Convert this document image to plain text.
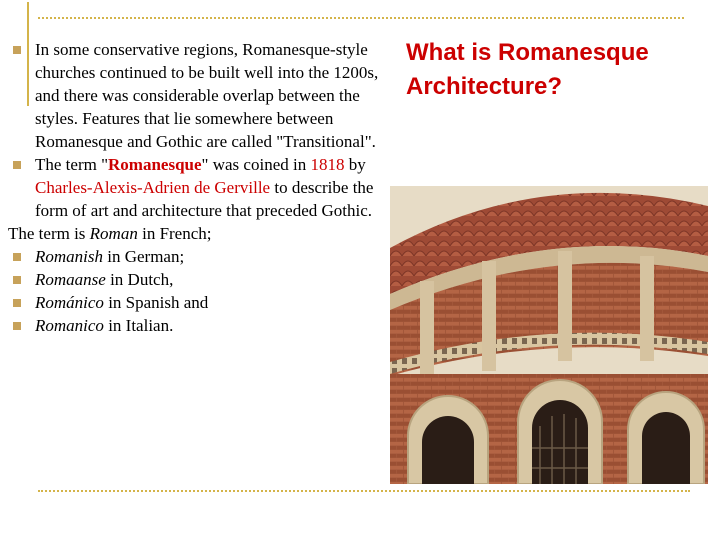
What is Romanesque Architecture?
In some conservative regions, Romanesque-style churches continued to be built well into the 1200s, and there was considerable overlap between the styles. Features that lie somewhere between Romanesque and Gothic are called "Transitional".
The term "Romanesque" was coined in 1818 by Charles-Alexis-Adrien de Gerville to describe the form of art and architecture that preceded Gothic.
The term is Roman in French;
Romanish in German;
Romaanse in Dutch,
Románico in Spanish and
Romanico in Italian.
